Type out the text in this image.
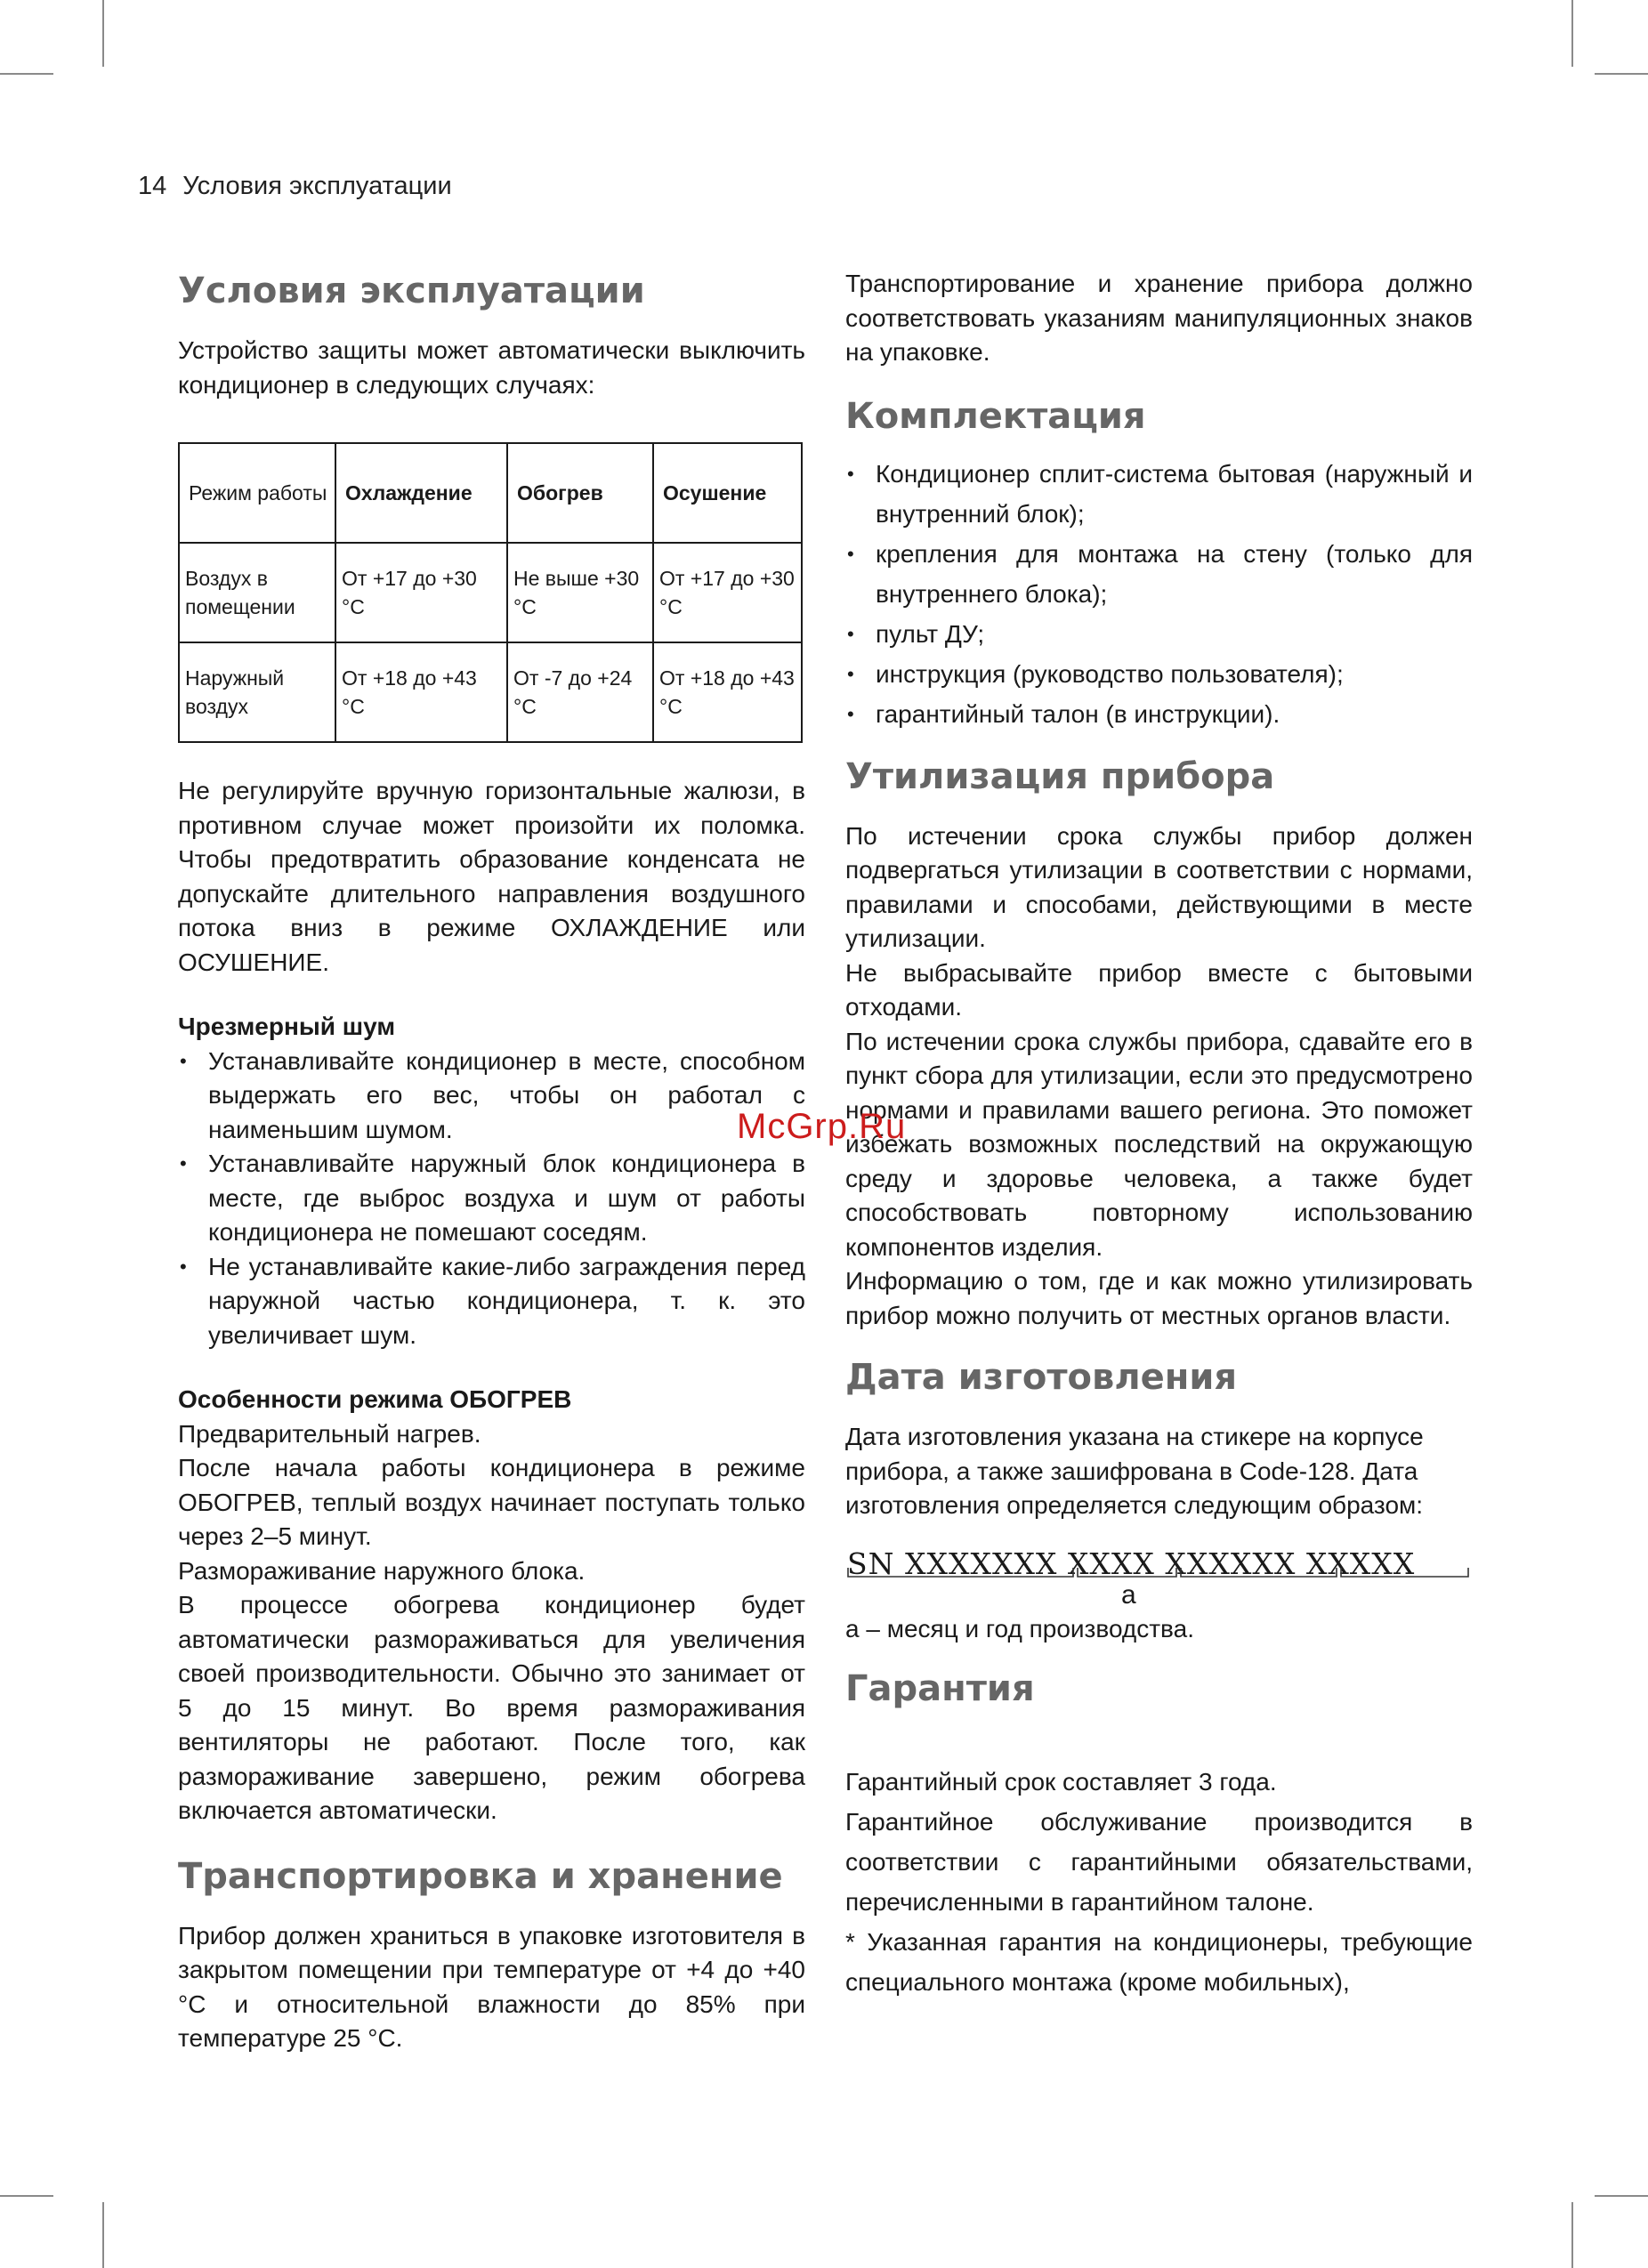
14 Условия эксплуатации
Условия эксплуатации

Устройство защиты может автоматически выключить кондиционер в следующих случаях:

Режим работы	Охлаждение	Обогрев	Осушение
Воздух в помещении	От +17 до +30 °С	Не выше +30 °С	От +17 до +30 °С
Наружный воздух	От +18 до +43 °С	От -7 до +24 °С	От +18 до +43 °С

Не регулируйте вручную горизонтальные жалюзи, в противном случае может произойти их поломка. Чтобы предотвратить образование конденсата не допускайте длительного направления воздушного потока вниз в режиме ОХЛАЖДЕНИЕ или ОСУШЕНИЕ.

Чрезмерный шум
• Устанавливайте кондиционер в месте, способном выдержать его вес, чтобы он работал с наименьшим шумом.
• Устанавливайте наружный блок кондиционера в месте, где выброс воздуха и шум от работы кондиционера не помешают соседям.
• Не устанавливайте какие-либо заграждения перед наружной частью кондиционера, т. к. это увеличивает шум.
Особенности режима ОБОГРЕВ

Предварительный нагрев.

После начала работы кондиционера в режиме ОБОГРЕВ, теплый воздух начинает поступать только через 2–5 минут.

Размораживание наружного блока.

В процессе обогрева кондиционер будет автоматически размораживаться для увеличения своей производительности. Обычно это занимает от 5 до 15 минут. Во время размораживания вентиляторы не работают. После того, как размораживание завершено, режим обогрева включается автоматически.

Транспортировка и хранение

Прибор должен храниться в упаковке изготовителя в закрытом помещении при температуре от +4 до +40 °С и относительной влажности до 85% при температуре 25 °С.

Транспортирование и хранение прибора должно соответствовать указаниям манипуляционных знаков на упаковке.

Комплектация
• Кондиционер сплит-система бытовая (наружный и внутренний блок);
• крепления для монтажа на стену (только для внутреннего блока);
• пульт ДУ;
• инструкция (руководство пользователя);
• гарантийный талон (в инструкции).
Утилизация прибора

По истечении срока службы прибор должен подвергаться утилизации в соответствии с нормами, правилами и способами, действующими в месте утилизации.

Не выбрасывайте прибор вместе с бытовыми отходами.

По истечении срока службы прибора, сдавайте его в пункт сбора для утилизации, если это предусмотрено нормами и правилами вашего региона. Это поможет избежать возможных последствий на окружающую среду и здоровье человека, а также будет способствовать повторному использованию компонентов изделия.

Информацию о том, где и как можно утилизировать прибор можно получить от местных органов власти.

Дата изготовления

Дата изготовления указана на стикере на корпусе прибора, а также зашифрована в Code-128. Дата изготовления определяется следующим образом:

SN XXXXXXX XXXX XXXXXX XXXXX
a

a – месяц и год производства.

Гарантия

Гарантийный срок составляет 3 года.

Гарантийное обслуживание производится в соответствии с гарантийными обязательствами, перечисленными в гарантийном талоне.

* Указанная гарантия на кондиционеры, требующие специального монтажа (кроме мобильных),

McGrp.Ru
